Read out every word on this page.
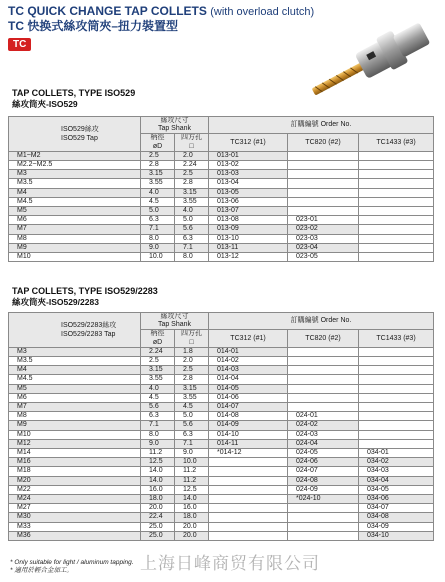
TC QUICK CHANGE TAP COLLETS (with overload clutch)
TC 快换式絲攻筒夾–扭力裝置型
TC
TAP COLLETS, TYPE ISO529
絲攻筒夾-ISO529
ISO529絲攻
ISO529 Tap	絲攻尺寸
Tap Shank		訂購編號 Order No.		
	柄徑
øD	四方孔
□	TC312 (#1)	TC820 (#2)	TC1433 (#3)
M1~M2	2.5	2.0	013-01		
M2.2~M2.5	2.8	2.24	013-02		
M3	3.15	2.5	013-03		
M3.5	3.55	2.8	013-04		
M4	4.0	3.15	013-05		
M4.5	4.5	3.55	013-06		
M5	5.0	4.0	013-07		
M6	6.3	5.0	013-08	023-01	
M7	7.1	5.6	013-09	023-02	
M8	8.0	6.3	013-10	023-03	
M9	9.0	7.1	013-11	023-04	
M10	10.0	8.0	013-12	023-05	
TAP COLLETS, TYPE ISO529/2283
絲攻筒夾-ISO529/2283
ISO529/2283絲攻
ISO529/2283 Tap	絲攻尺寸
Tap Shank		訂購編號 Order No.		
	柄徑
øD	四方孔
□	TC312 (#1)	TC820 (#2)	TC1433 (#3)
M3	2.24	1.8	014-01		
M3.5	2.5	2.0	014-02		
M4	3.15	2.5	014-03		
M4.5	3.55	2.8	014-04		
M5	4.0	3.15	014-05		
M6	4.5	3.55	014-06		
M7	5.6	4.5	014-07		
M8	6.3	5.0	014-08	024-01	
M9	7.1	5.6	014-09	024-02	
M10	8.0	6.3	014-10	024-03	
M12	9.0	7.1	014-11	024-04	
M14	11.2	9.0	*014-12	024-05	034-01
M16	12.5	10.0		024-06	034-02
M18	14.0	11.2		024-07	034-03
M20	14.0	11.2		024-08	034-04
M22	16.0	12.5		024-09	034-05
M24	18.0	14.0		*024-10	034-06
M27	20.0	16.0			034-07
M30	22.4	18.0			034-08
M33	25.0	20.0			034-09
M36	25.0	20.0			034-10
* Only suitable for light / aluminum tapping.
* 適用於輕合金加工。	上海日峰商贸有限公司
